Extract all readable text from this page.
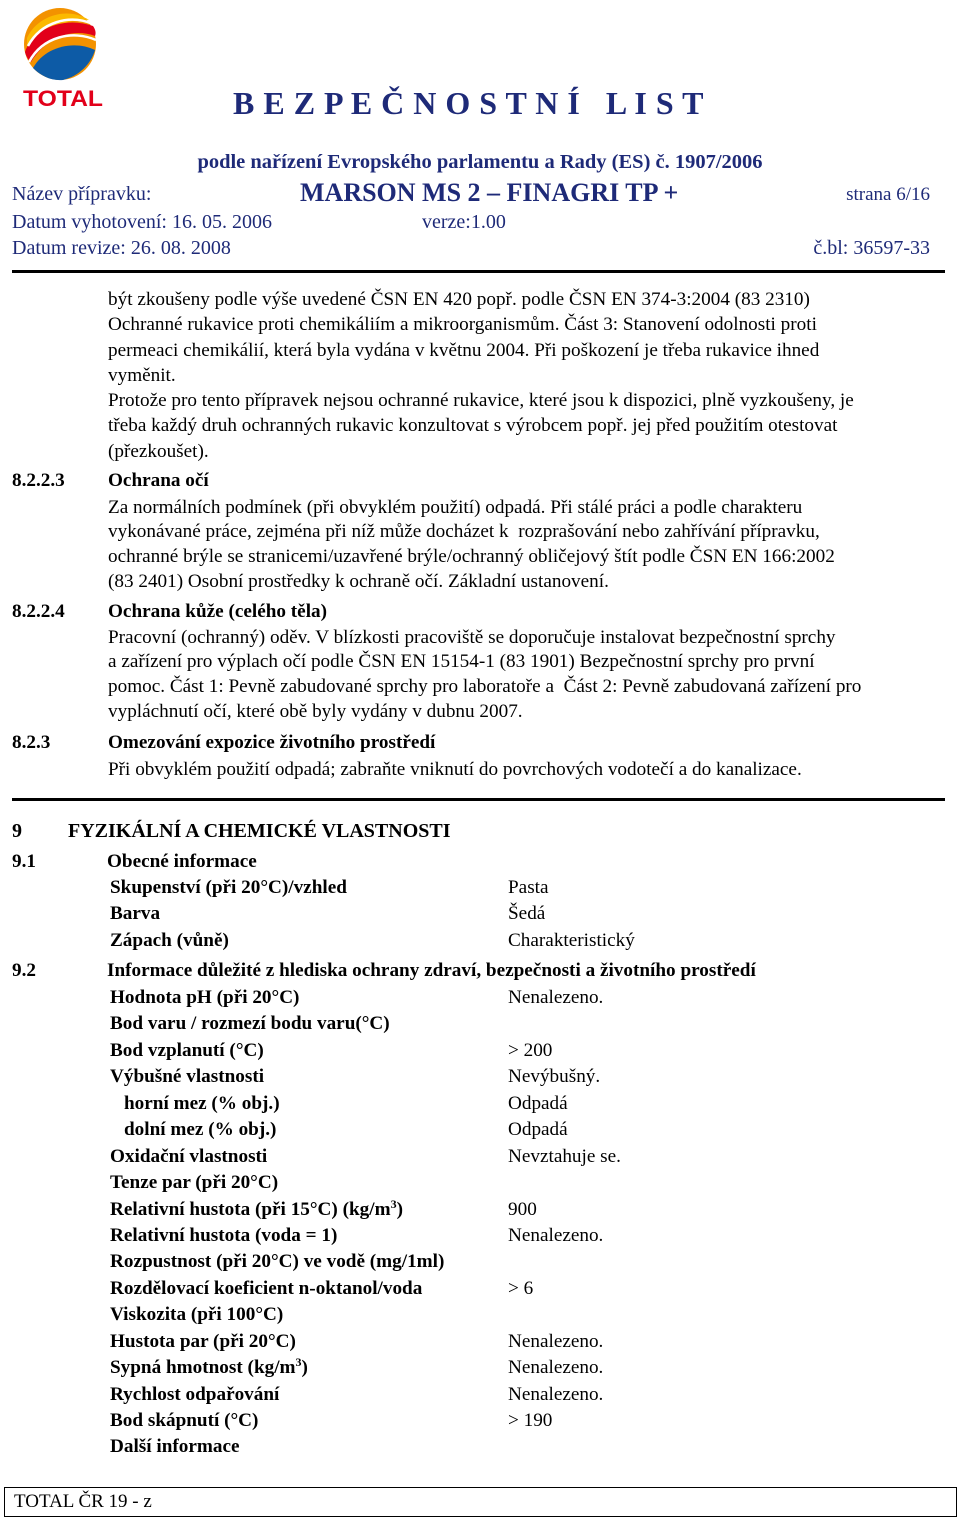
TOTAL	B E Z P E Č N O S T N Í   L I S T
podle nařízení Evropského parlamentu a Rady (ES) č. 1907/2006
Název přípravku:	MARSON MS 2 – FINAGRI TP +	strana 6/16
Datum vyhotovení: 16. 05. 2006	verze:1.00
Datum revize: 26. 08. 2008	č.bl: 36597-33
být zkoušeny podle výše uvedené ČSN EN 420 popř. podle ČSN EN 374-3:2004 (83 2310)
Ochranné rukavice proti chemikáliím a mikroorganismům. Část 3: Stanovení odolnosti proti
permeaci chemikálií, která byla vydána v květnu 2004. Při poškození je třeba rukavice ihned
vyměnit.
Protože pro tento přípravek nejsou ochranné rukavice, které jsou k dispozici, plně vyzkoušeny, je
třeba každý druh ochranných rukavic konzultovat s výrobcem popř. jej před použitím otestovat
(přezkoušet).
8.2.2.3 Ochrana očí
Za normálních podmínek (při obvyklém použití) odpadá. Při stálé práci a podle charakteru
vykonávané práce, zejména při níž může docházet k  rozprašování nebo zahřívání přípravku,
ochranné brýle se stranicemi/uzavřené brýle/ochranný obličejový štít podle ČSN EN 166:2002
(83 2401) Osobní prostředky k ochraně očí. Základní ustanovení.
8.2.2.4 Ochrana kůže (celého těla)
Pracovní (ochranný) oděv. V blízkosti pracoviště se doporučuje instalovat bezpečnostní sprchy
a zařízení pro výplach očí podle ČSN EN 15154-1 (83 1901) Bezpečnostní sprchy pro první
pomoc. Část 1: Pevně zabudované sprchy pro laboratoře a  Část 2: Pevně zabudovaná zařízení pro
vypláchnutí očí, které obě byly vydány v dubnu 2007.
8.2.3	Omezování expozice životního prostředí
Při obvyklém použití odpadá; zabraňte vniknutí do povrchových vodotečí a do kanalizace.
9 FYZIKÁLNÍ A CHEMICKÉ VLASTNOSTI
9.1	Obecné informace
Skupenství (při 20°C)/vzhled	Pasta
Barva	Šedá
Zápach (vůně)	Charakteristický
9.2	Informace důležité z hlediska ochrany zdraví, bezpečnosti a životního prostředí
Hodnota pH (při 20°C)	Nenalezeno.
Bod varu / rozmezí bodu varu(°C)
Bod vzplanutí (°C)	> 200
Výbušné vlastnosti	Nevýbušný.
horní mez (% obj.)	Odpadá
dolní mez (% obj.)	Odpadá
Oxidační vlastnosti	Nevztahuje se.
Tenze par (při 20°C)
Relativní hustota (při 15°C) $(kg/m^3)$	900
Relativní hustota (voda = 1)	Nenalezeno.
Rozpustnost (při 20°C) ve vodě (mg/1ml)
Rozdělovací koeficient n-oktanol/voda	> 6
Viskozita (při 100°C)
Hustota par (při 20°C)	Nenalezeno.
Sypná hmotnost $(kg/m^3)$	Nenalezeno.
Rychlost odpařování	Nenalezeno.
Bod skápnutí (°C)	> 190
Další informace
TOTAL ČR 19 - z
